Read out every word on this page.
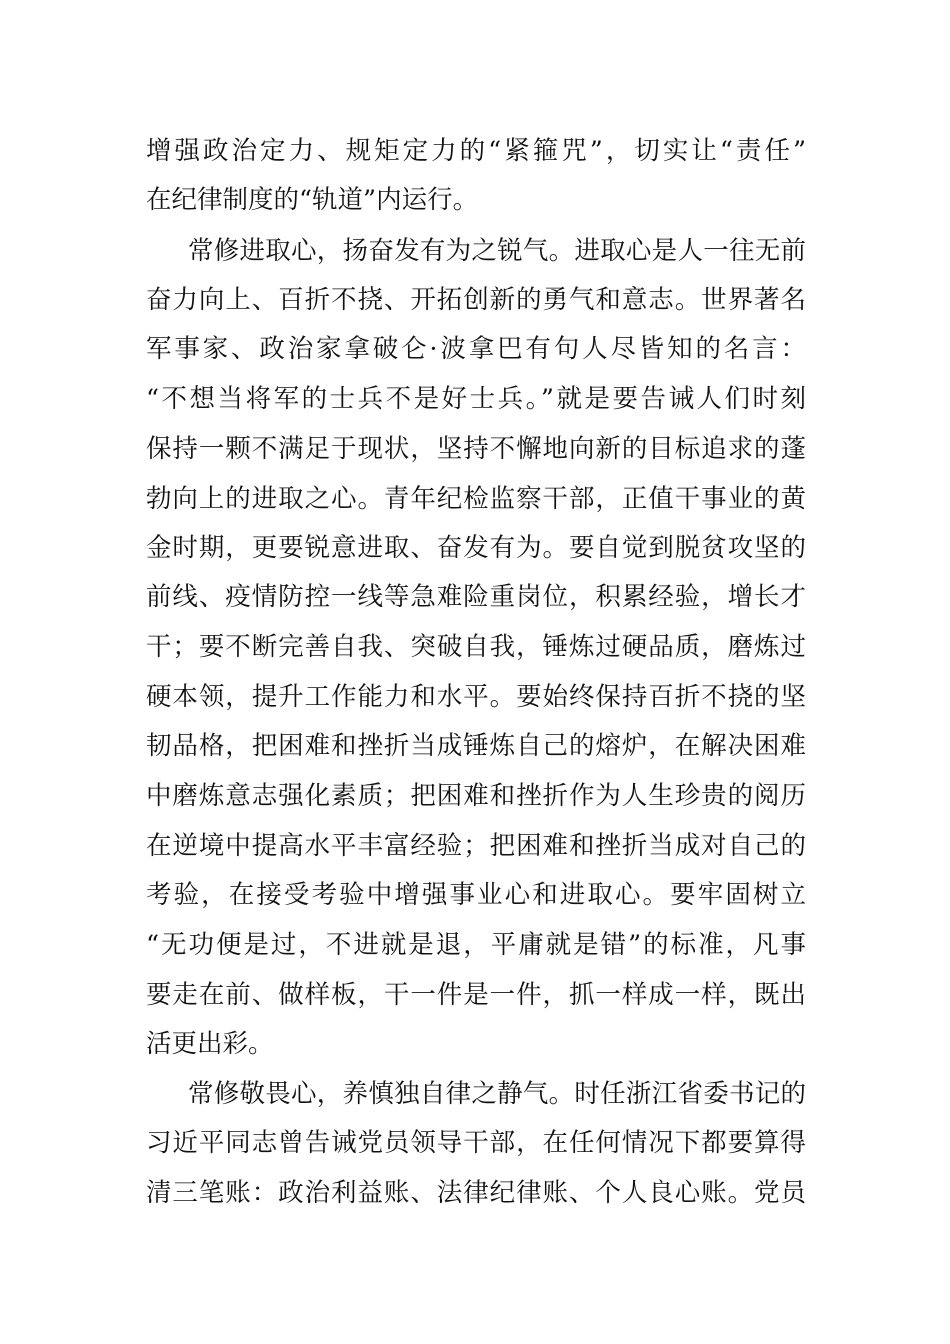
增强政治定力、规矩定力的“紧箍咒”，切实让“责任”
在纪律制度的“轨道”内运行。
常修进取心，扬奋发有为之锐气。进取心是人一往无前
奋力向上、百折不挠、开拓创新的勇气和意志。世界著名
军事家、政治家拿破仑·波拿巴有句人尽皆知的名言：
“不想当将军的士兵不是好士兵。”就是要告诫人们时刻
保持一颗不满足于现状，坚持不懈地向新的目标追求的蓬
勃向上的进取之心。青年纪检监察干部，正值干事业的黄
金时期，更要锐意进取、奋发有为。要自觉到脱贫攻坚的
前线、疫情防控一线等急难险重岗位，积累经验，增长才
干；要不断完善自我、突破自我，锤炼过硬品质，磨炼过
硬本领，提升工作能力和水平。要始终保持百折不挠的坚
韧品格，把困难和挫折当成锤炼自己的熔炉，在解决困难
中磨炼意志强化素质；把困难和挫折作为人生珍贵的阅历
在逆境中提高水平丰富经验；把困难和挫折当成对自己的
考验，在接受考验中增强事业心和进取心。要牢固树立
“无功便是过，不进就是退，平庸就是错”的标准，凡事
要走在前、做样板，干一件是一件，抓一样成一样，既出
活更出彩。
常修敬畏心，养慎独自律之静气。时任浙江省委书记的
习近平同志曾告诫党员领导干部，在任何情况下都要算得
清三笔账：政治利益账、法律纪律账、个人良心账。党员
